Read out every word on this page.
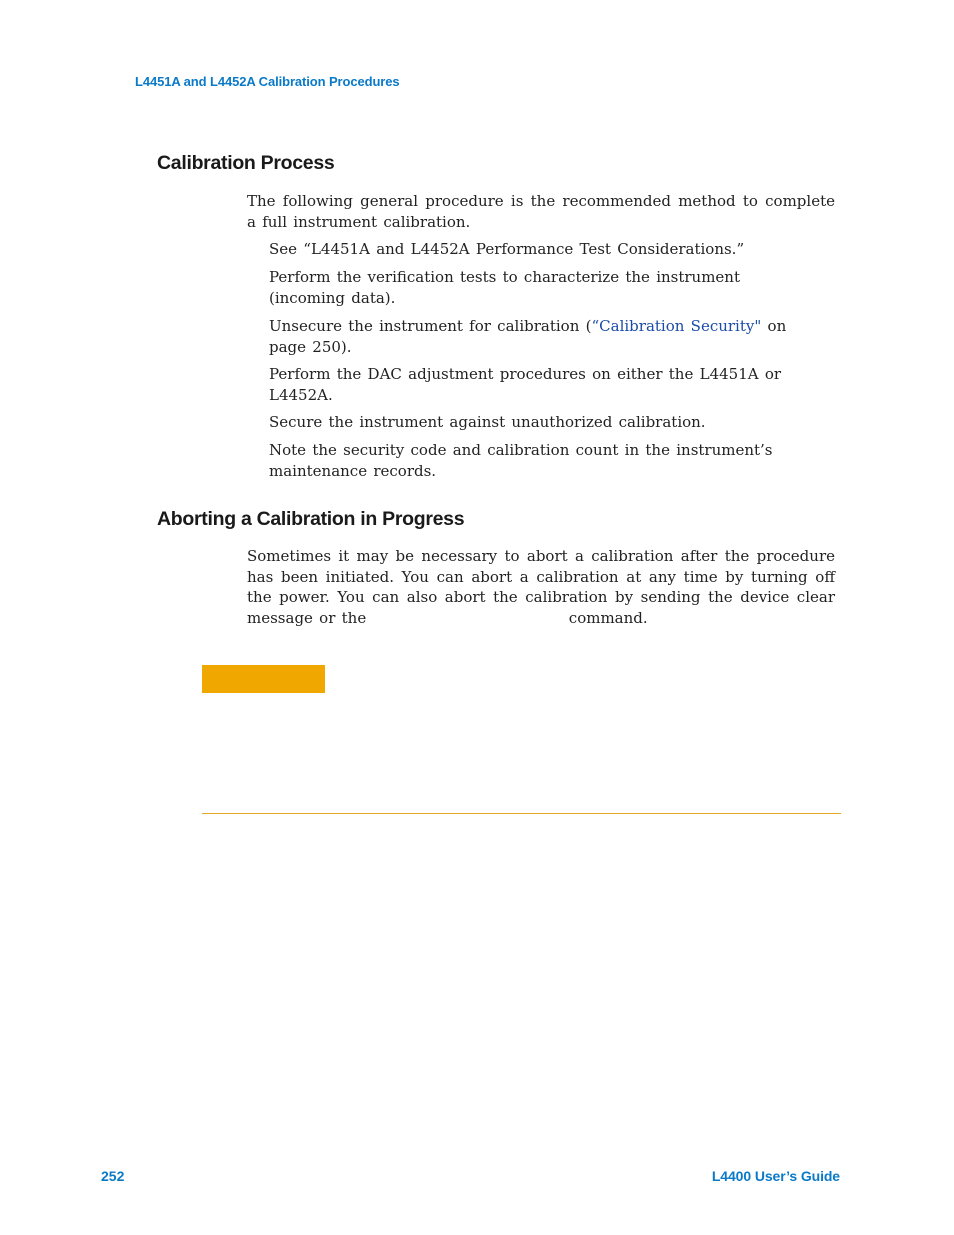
L4451A and L4452A Calibration Procedures
Calibration Process

The following general procedure is the recommended method to complete a full instrument calibration.

See “L4451A and L4452A Performance Test Considerations.”
Perform the verification tests to characterize the instrument (incoming data).
Unsecure the instrument for calibration (“Calibration Security" on page 250).
Perform the DAC adjustment procedures on either the L4451A or L4452A.
Secure the instrument against unauthorized calibration.
Note the security code and calibration count in the instrument’s maintenance records.
Aborting a Calibration in Progress

Sometimes it may be necessary to abort a calibration after the procedure has been initiated. You can abort a calibration at any time by turning off the power. You can also abort the calibration by sending the device clear message or the	command.

252	L4400 User’s Guide
